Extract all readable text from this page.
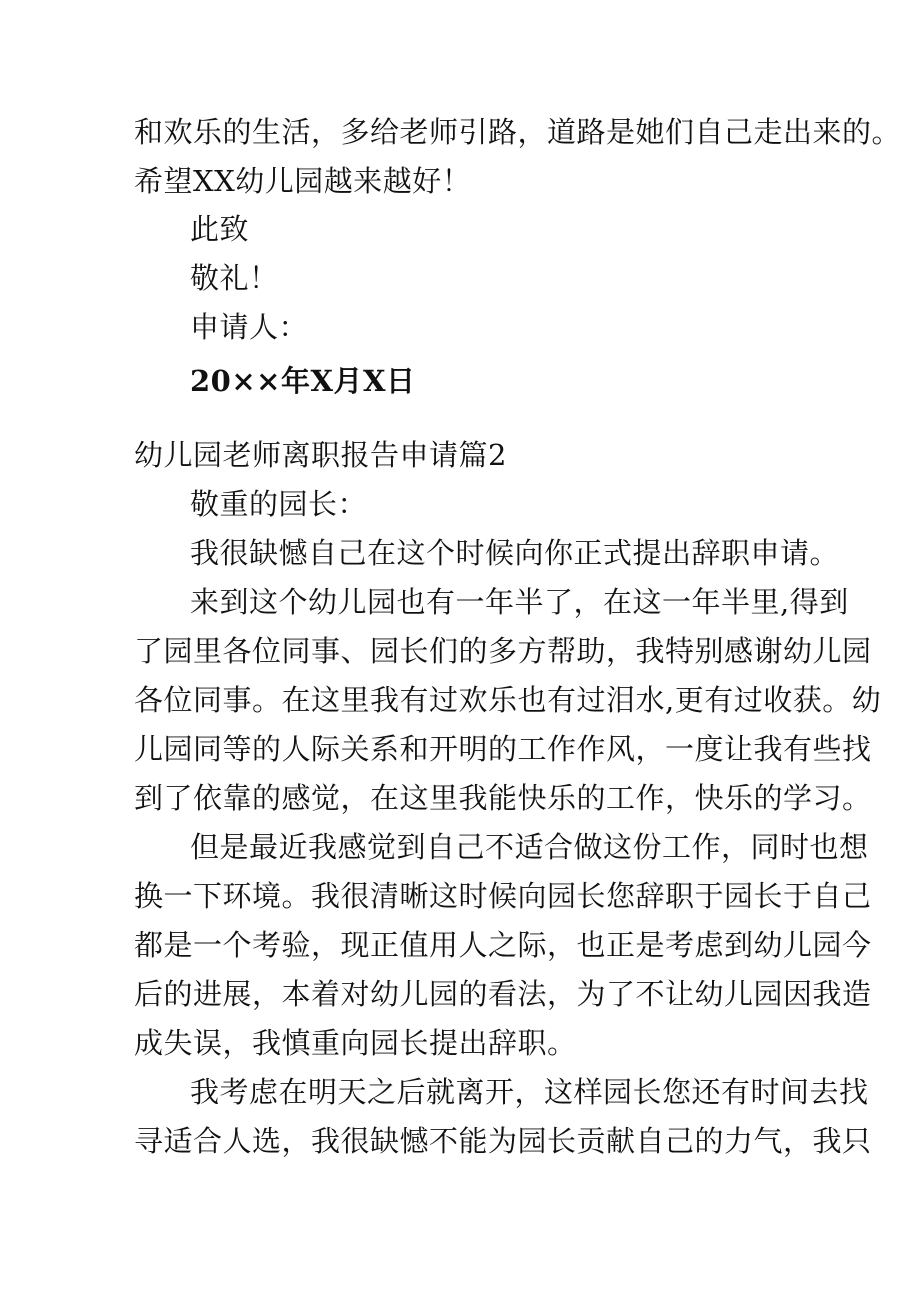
和欢乐的生活，多给老师引路，道路是她们自己走出来的。
希望XX幼儿园越来越好！
此致
敬礼！
申请人：
20××年X月X日
幼儿园老师离职报告申请篇2
敬重的园长：
我很缺憾自己在这个时候向你正式提出辞职申请。
来到这个幼儿园也有一年半了，在这一年半里,得到
了园里各位同事、园长们的多方帮助，我特别感谢幼儿园
各位同事。在这里我有过欢乐也有过泪水,更有过收获。幼
儿园同等的人际关系和开明的工作作风，一度让我有些找
到了依靠的感觉，在这里我能快乐的工作，快乐的学习。
但是最近我感觉到自己不适合做这份工作，同时也想
换一下环境。我很清晰这时候向园长您辞职于园长于自己
都是一个考验，现正值用人之际，也正是考虑到幼儿园今
后的进展，本着对幼儿园的看法，为了不让幼儿园因我造
成失误，我慎重向园长提出辞职。
我考虑在明天之后就离开，这样园长您还有时间去找
寻适合人选，我很缺憾不能为园长贡献自己的力气，我只
